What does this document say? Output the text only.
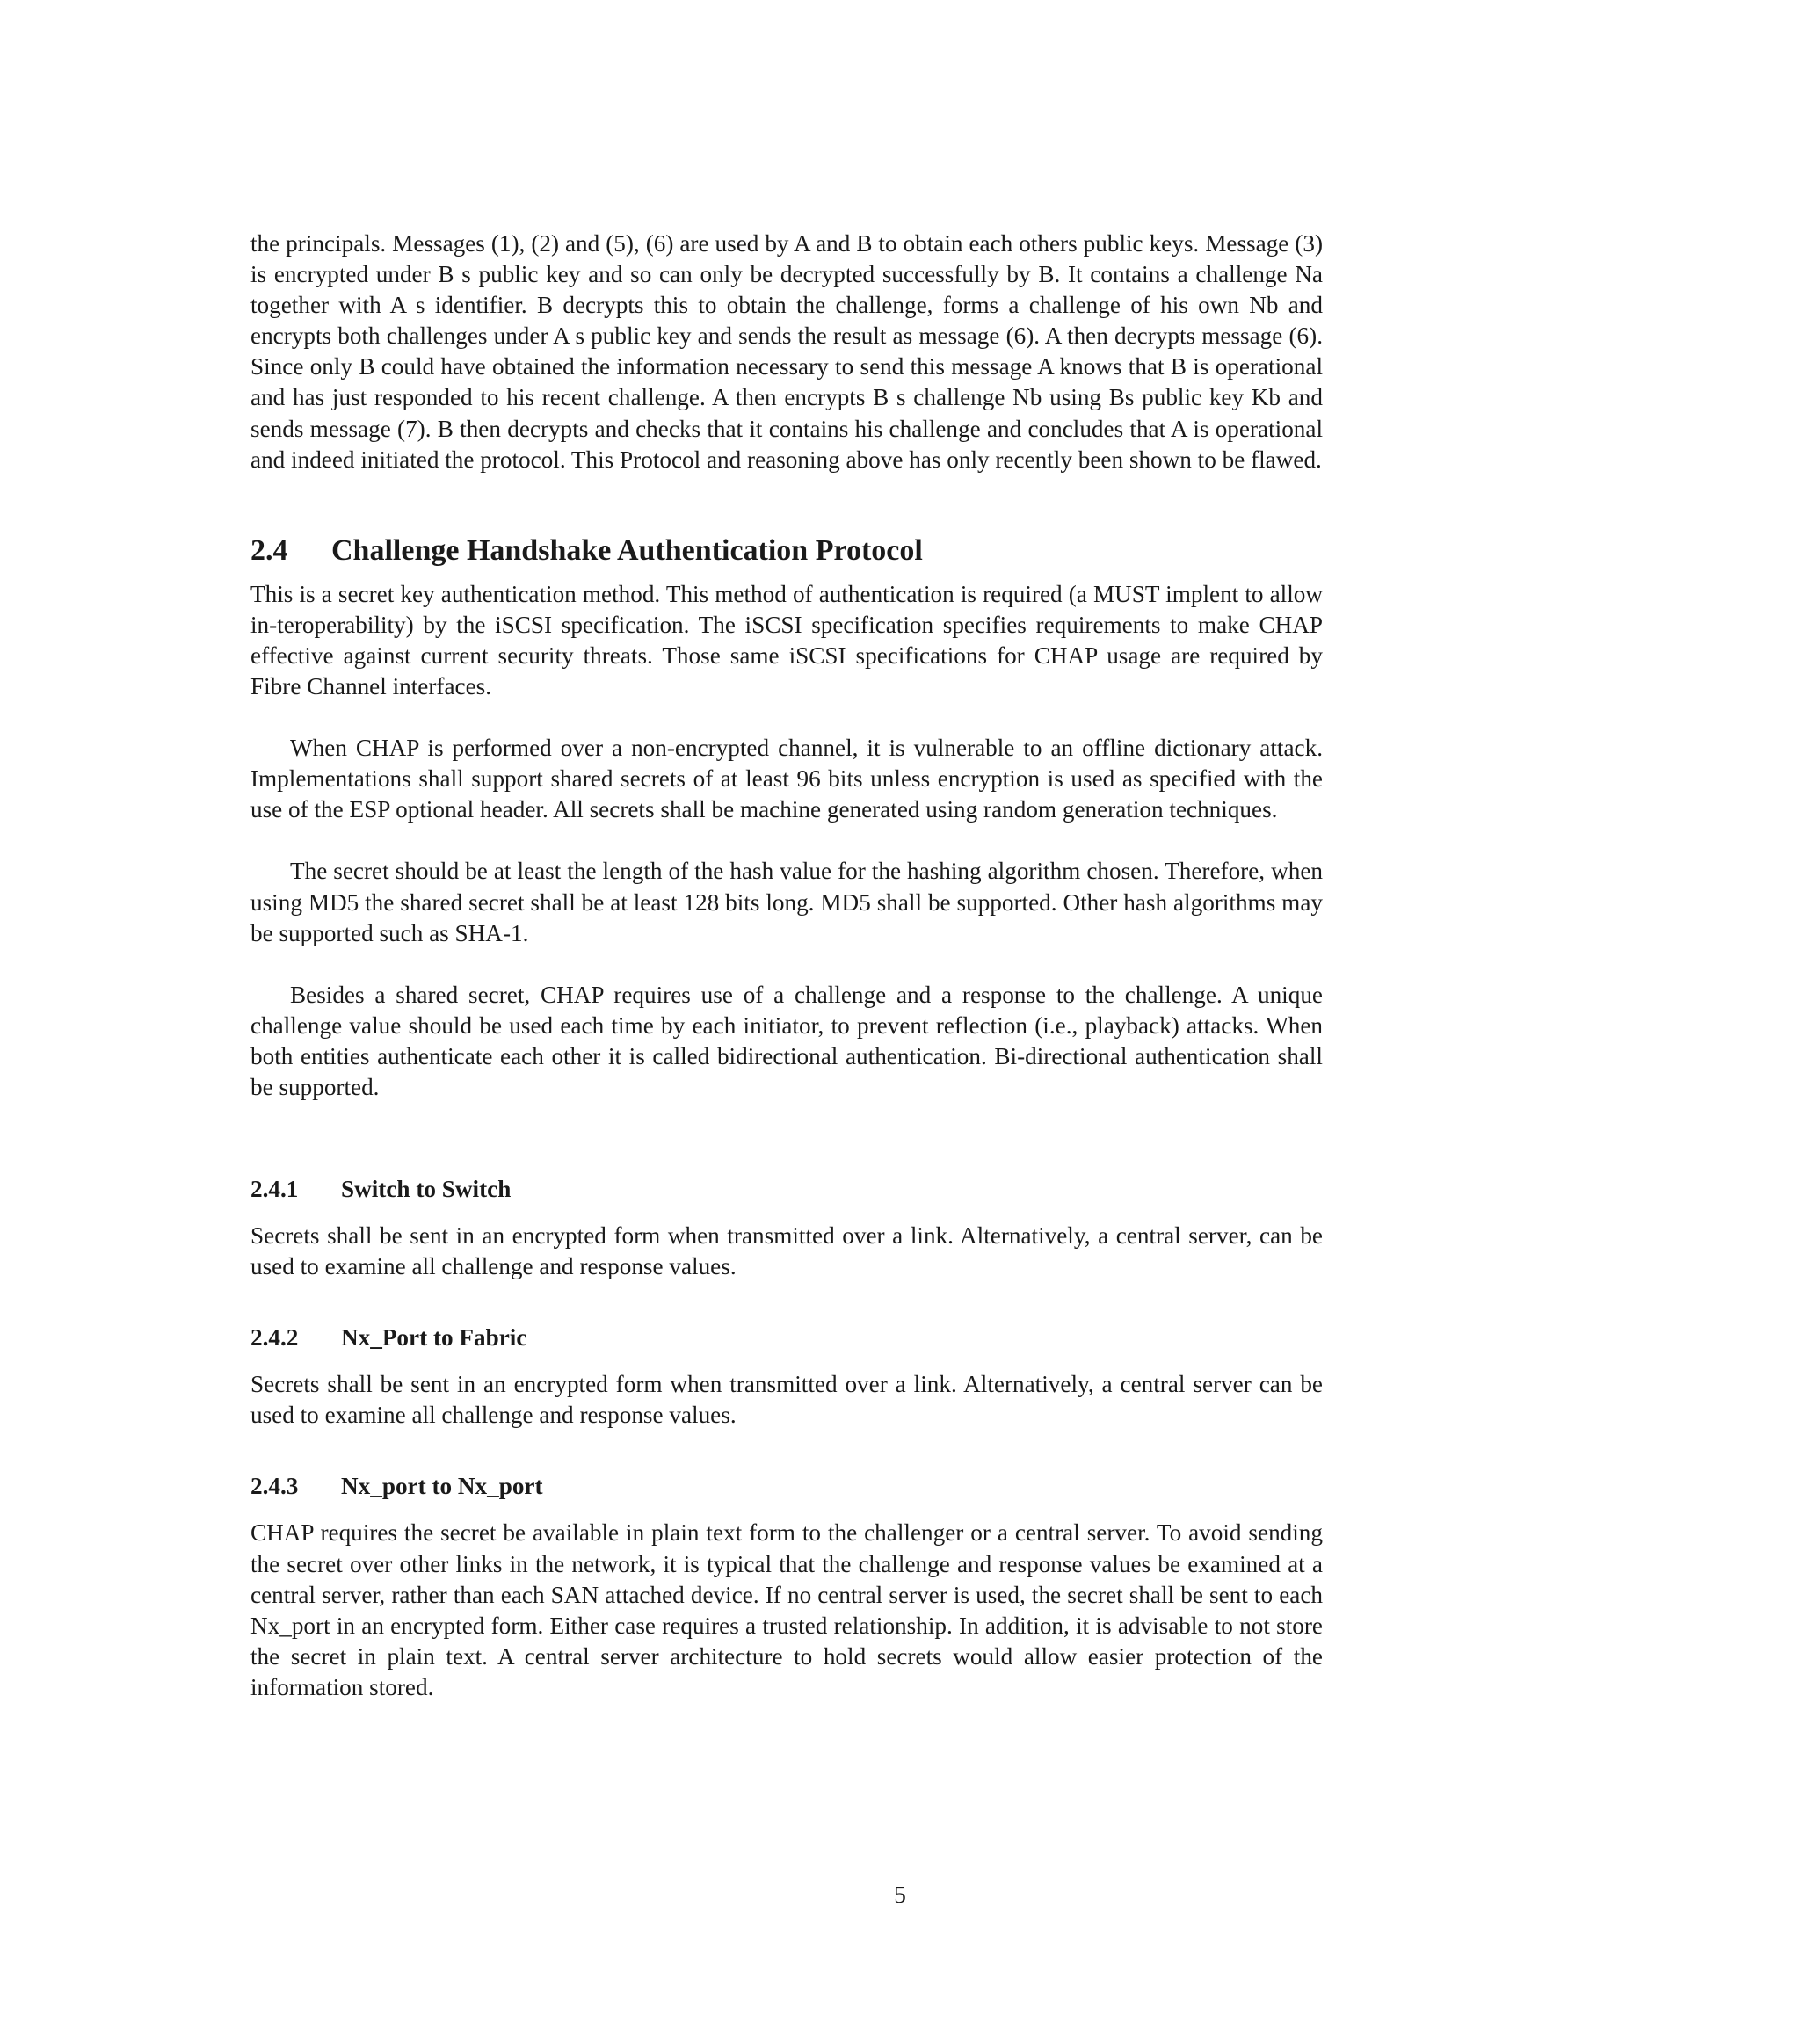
the principals. Messages (1), (2) and (5), (6) are used by A and B to obtain each others public keys. Message (3) is encrypted under B s public key and so can only be decrypted successfully by B. It contains a challenge Na together with A s identifier. B decrypts this to obtain the challenge, forms a challenge of his own Nb and encrypts both challenges under A s public key and sends the result as message (6). A then decrypts message (6). Since only B could have obtained the information necessary to send this message A knows that B is operational and has just responded to his recent challenge. A then encrypts B s challenge Nb using Bs public key Kb and sends message (7). B then decrypts and checks that it contains his challenge and concludes that A is operational and indeed initiated the protocol. This Protocol and reasoning above has only recently been shown to be flawed.

2.4	Challenge Handshake Authentication Protocol

This is a secret key authentication method. This method of authentication is required (a MUST implent to allow in-teroperability) by the iSCSI specification. The iSCSI specification specifies requirements to make CHAP effective against current security threats. Those same iSCSI specifications for CHAP usage are required by Fibre Channel interfaces.

When CHAP is performed over a non-encrypted channel, it is vulnerable to an offline dictionary attack. Implementations shall support shared secrets of at least 96 bits unless encryption is used as specified with the use of the ESP optional header. All secrets shall be machine generated using random generation techniques.

The secret should be at least the length of the hash value for the hashing algorithm chosen. Therefore, when using MD5 the shared secret shall be at least 128 bits long. MD5 shall be supported. Other hash algorithms may be supported such as SHA-1.

Besides a shared secret, CHAP requires use of a challenge and a response to the challenge. A unique challenge value should be used each time by each initiator, to prevent reflection (i.e., playback) attacks. When both entities authenticate each other it is called bidirectional authentication. Bi-directional authentication shall be supported.

2.4.1	Switch to Switch

Secrets shall be sent in an encrypted form when transmitted over a link. Alternatively, a central server, can be used to examine all challenge and response values.

2.4.2	Nx_Port to Fabric

Secrets shall be sent in an encrypted form when transmitted over a link. Alternatively, a central server can be used to examine all challenge and response values.

2.4.3	Nx_port to Nx_port

CHAP requires the secret be available in plain text form to the challenger or a central server. To avoid sending the secret over other links in the network, it is typical that the challenge and response values be examined at a central server, rather than each SAN attached device. If no central server is used, the secret shall be sent to each Nx_port in an encrypted form. Either case requires a trusted relationship. In addition, it is advisable to not store the secret in plain text. A central server architecture to hold secrets would allow easier protection of the information stored.

5
